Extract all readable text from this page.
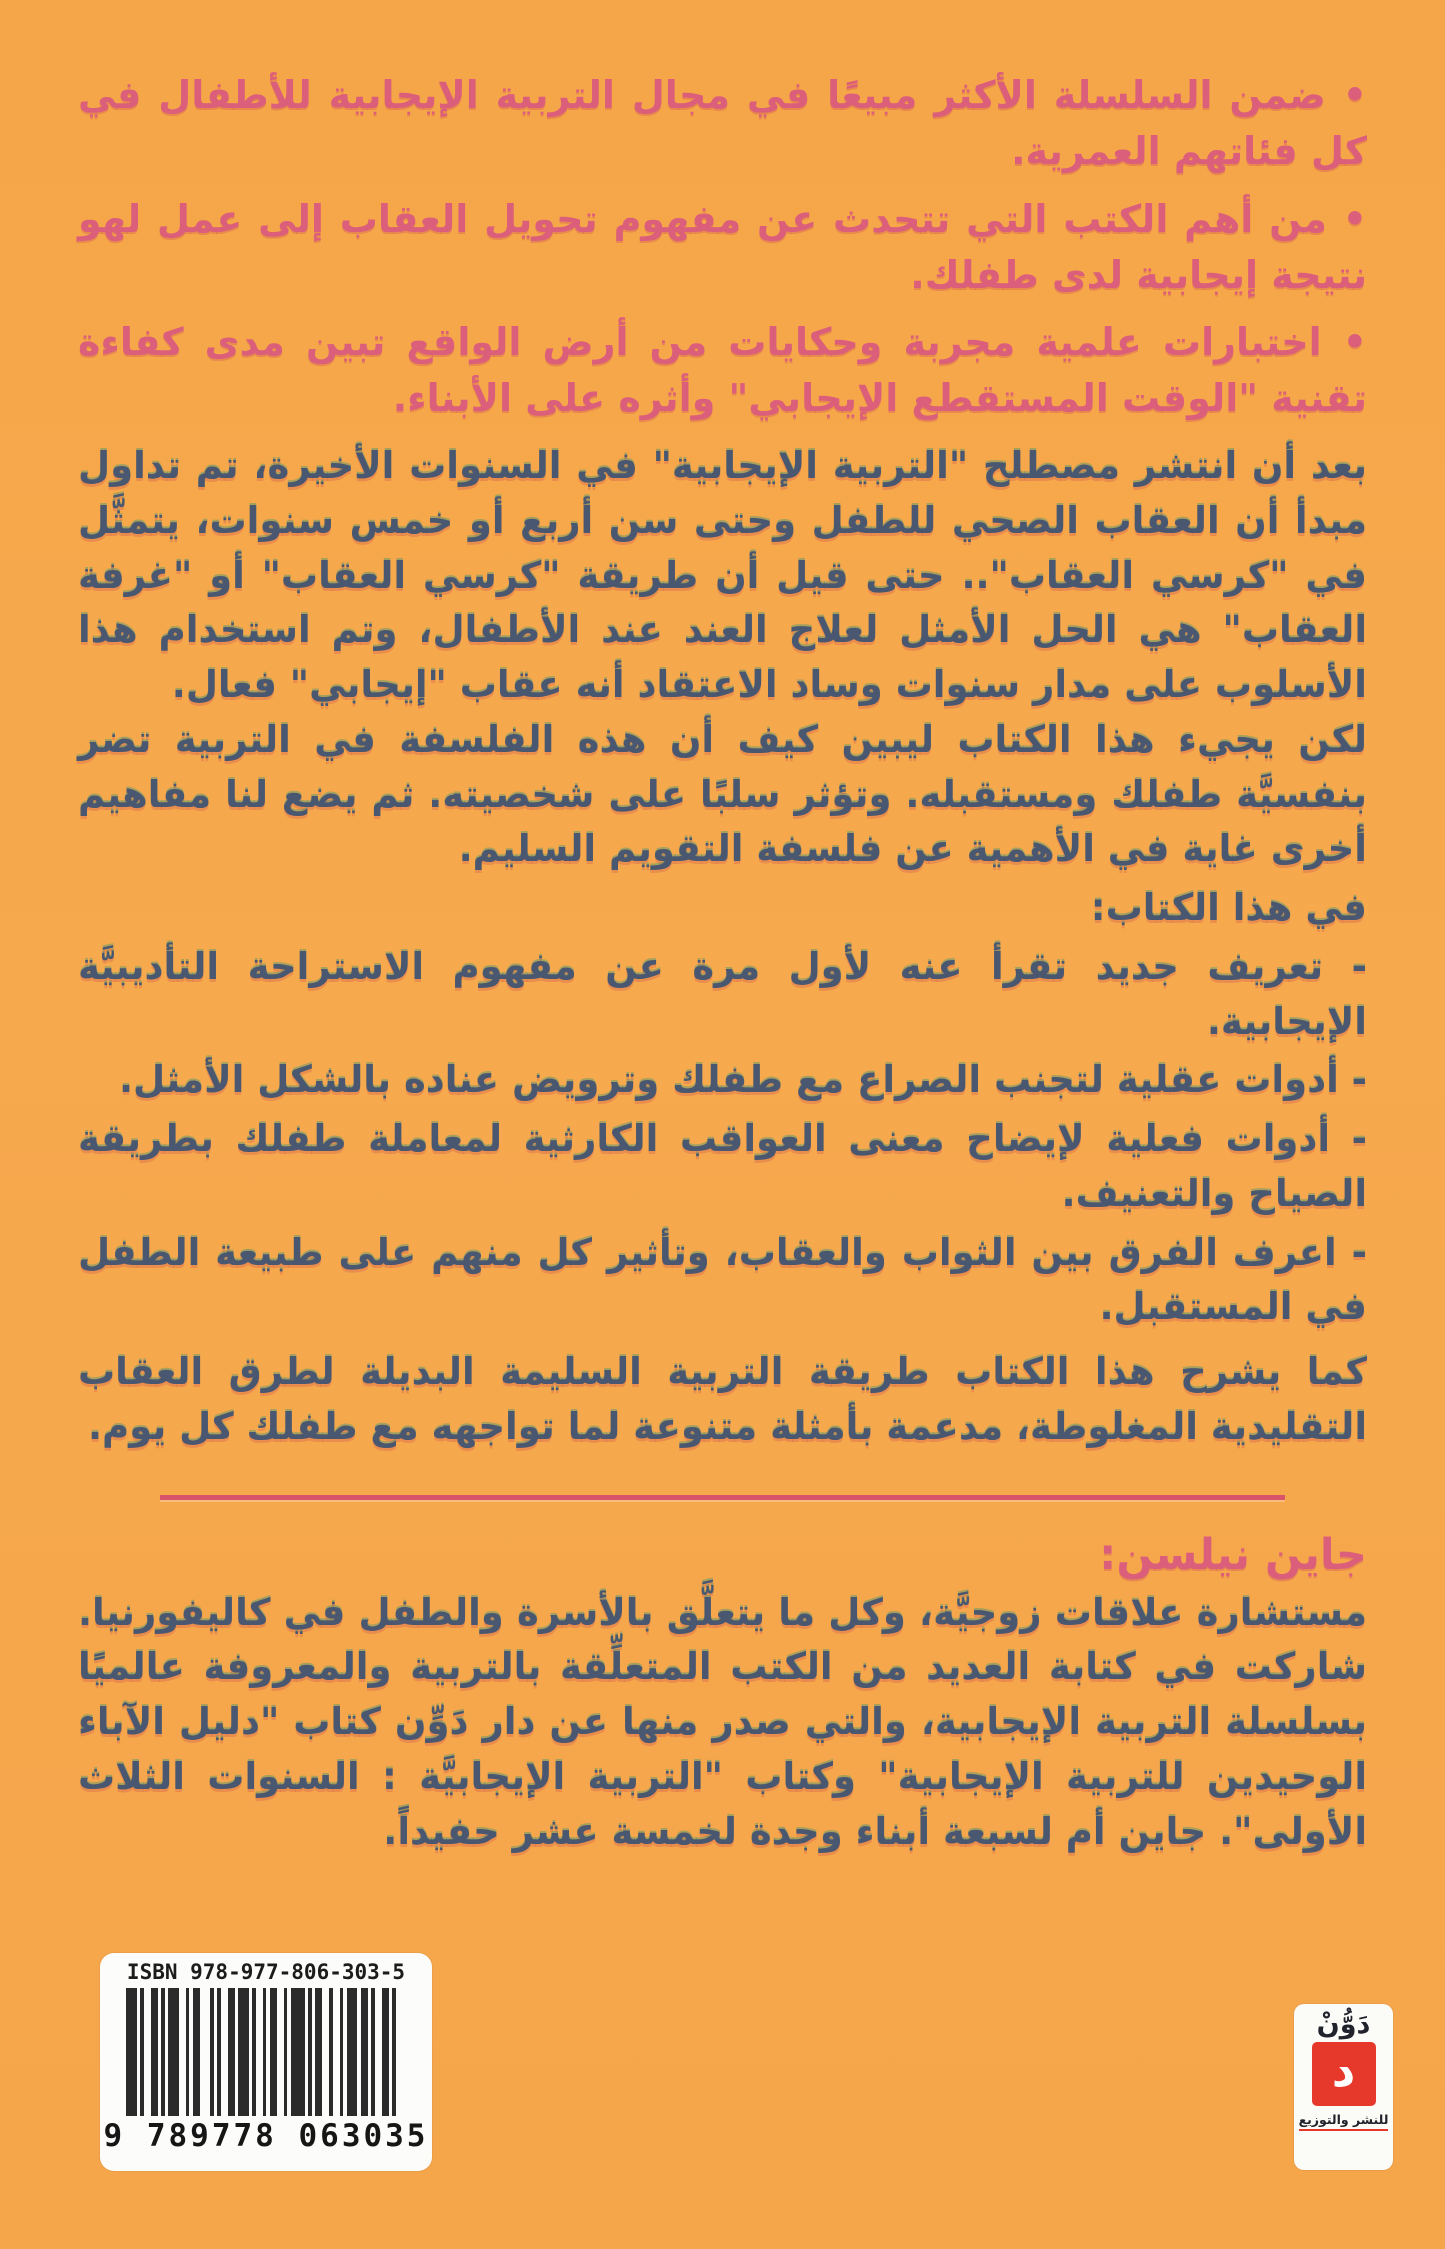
• ضمن السلسلة الأكثر مبيعًا في مجال التربية الإيجابية للأطفال في كل فئاتهم العمرية.

• من أهم الكتب التي تتحدث عن مفهوم تحويل العقاب إلى عمل لهو نتيجة إيجابية لدى طفلك.

• اختبارات علمية مجربة وحكايات من أرض الواقع تبين مدى كفاءة تقنية "الوقت المستقطع الإيجابي" وأثره على الأبناء.

بعد أن انتشر مصطلح "التربية الإيجابية" في السنوات الأخيرة، تم تداول مبدأ أن العقاب الصحي للطفل وحتى سن أربع أو خمس سنوات، يتمثَّل في "كرسي العقاب".. حتى قيل أن طريقة "كرسي العقاب" أو "غرفة العقاب" هي الحل الأمثل لعلاج العند عند الأطفال، وتم استخدام هذا الأسلوب على مدار سنوات وساد الاعتقاد أنه عقاب "إيجابي" فعال.

لكن يجيء هذا الكتاب ليبين كيف أن هذه الفلسفة في التربية تضر بنفسيَّة طفلك ومستقبله. وتؤثر سلبًا على شخصيته. ثم يضع لنا مفاهيم أخرى غاية في الأهمية عن فلسفة التقويم السليم.

في هذا الكتاب:

- تعريف جديد تقرأ عنه لأول مرة عن مفهوم الاستراحة التأديبيَّة الإيجابية.

- أدوات عقلية لتجنب الصراع مع طفلك وترويض عناده بالشكل الأمثل.

- أدوات فعلية لإيضاح معنى العواقب الكارثية لمعاملة طفلك بطريقة الصياح والتعنيف.

- اعرف الفرق بين الثواب والعقاب، وتأثير كل منهم على طبيعة الطفل في المستقبل.

كما يشرح هذا الكتاب طريقة التربية السليمة البديلة لطرق العقاب التقليدية المغلوطة، مدعمة بأمثلة متنوعة لما تواجهه مع طفلك كل يوم.

جاين نيلسن:

مستشارة علاقات زوجيَّة، وكل ما يتعلَّق بالأسرة والطفل في كاليفورنيا. شاركت في كتابة العديد من الكتب المتعلِّقة بالتربية والمعروفة عالميًا بسلسلة التربية الإيجابية، والتي صدر منها عن دار دَوِّن كتاب "دليل الآباء الوحيدين للتربية الإيجابية" وكتاب "التربية الإيجابيَّة : السنوات الثلاث الأولى". جاين أم لسبعة أبناء وجدة لخمسة عشر حفيداً.

ISBN 978-977-806-303-5
9 789778 063035
دَوُّنْ
د
للنشر والتوزيع
